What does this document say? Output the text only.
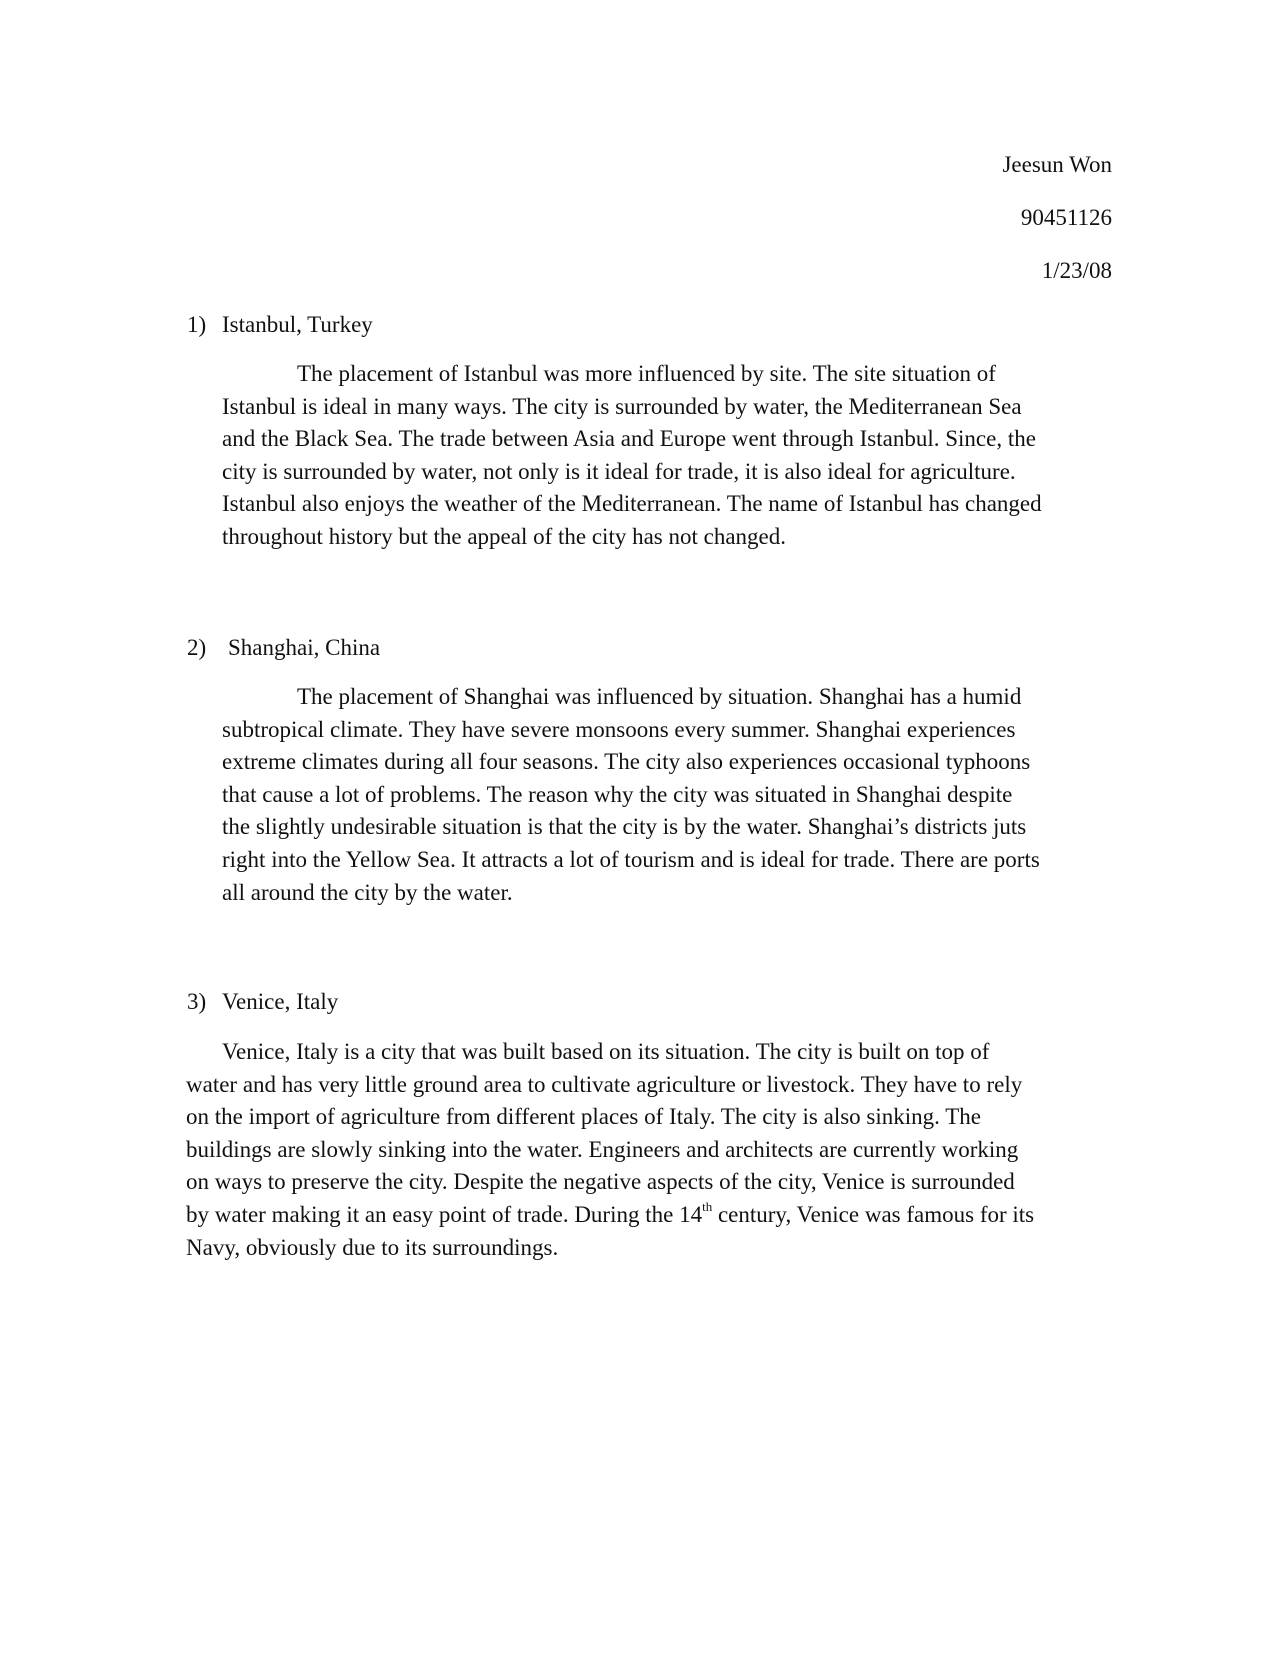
Jeesun Won
90451126
1/23/08
1) Istanbul, Turkey
The placement of Istanbul was more influenced by site. The site situation of
Istanbul is ideal in many ways. The city is surrounded by water, the Mediterranean Sea
and the Black Sea. The trade between Asia and Europe went through Istanbul. Since, the
city is surrounded by water, not only is it ideal for trade, it is also ideal for agriculture.
Istanbul also enjoys the weather of the Mediterranean. The name of Istanbul has changed
throughout history but the appeal of the city has not changed.
2) Shanghai, China
The placement of Shanghai was influenced by situation. Shanghai has a humid
subtropical climate. They have severe monsoons every summer. Shanghai experiences
extreme climates during all four seasons. The city also experiences occasional typhoons
that cause a lot of problems. The reason why the city was situated in Shanghai despite
the slightly undesirable situation is that the city is by the water. Shanghai’s districts juts
right into the Yellow Sea. It attracts a lot of tourism and is ideal for trade. There are ports
all around the city by the water.
3) Venice, Italy
Venice, Italy is a city that was built based on its situation. The city is built on top of
water and has very little ground area to cultivate agriculture or livestock. They have to rely
on the import of agriculture from different places of Italy. The city is also sinking. The
buildings are slowly sinking into the water. Engineers and architects are currently working
on ways to preserve the city. Despite the negative aspects of the city, Venice is surrounded
by water making it an easy point of trade. During the 14th century, Venice was famous for its
Navy, obviously due to its surroundings.
